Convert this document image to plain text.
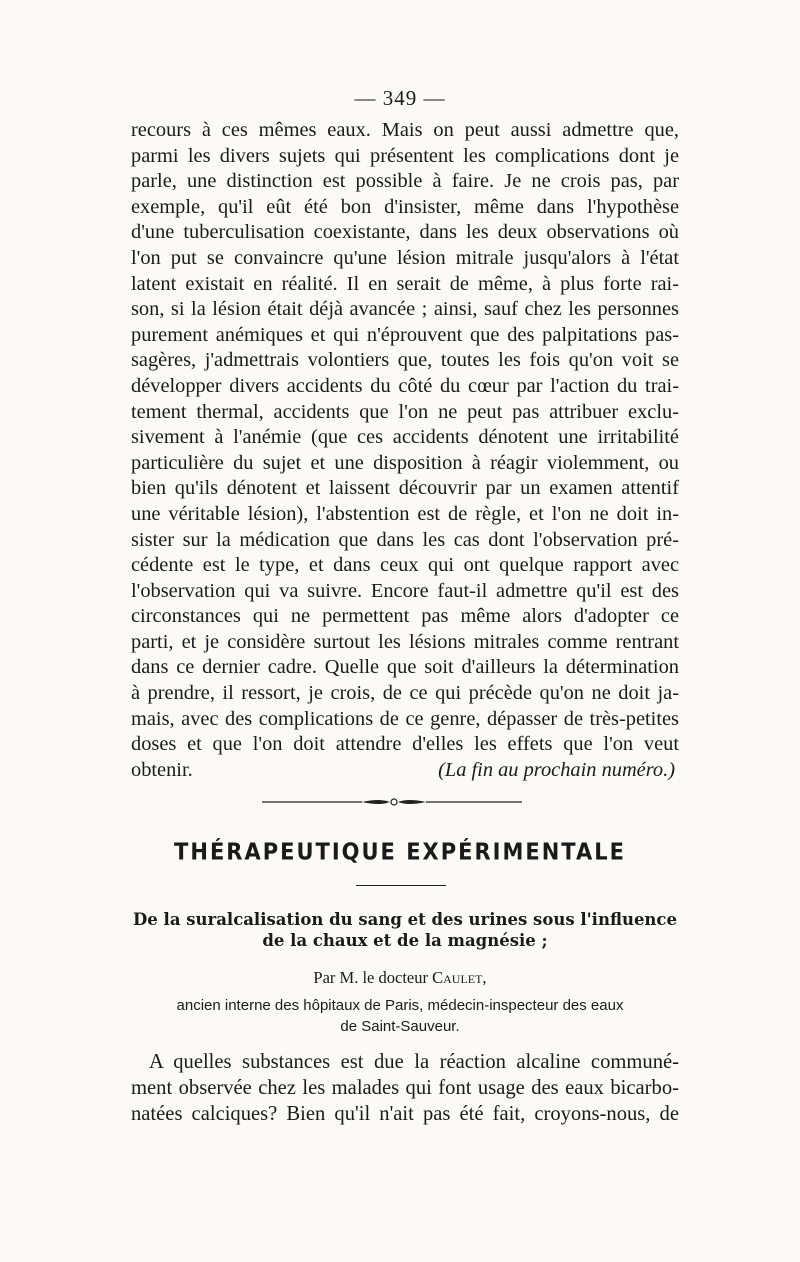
— 349 —
recours à ces mêmes eaux. Mais on peut aussi admettre que,
parmi les divers sujets qui présentent les complications dont je
parle, une distinction est possible à faire. Je ne crois pas, par
exemple, qu'il eût été bon d'insister, même dans l'hypothèse
d'une tuberculisation coexistante, dans les deux observations où
l'on put se convaincre qu'une lésion mitrale jusqu'alors à l'état
latent existait en réalité. Il en serait de même, à plus forte rai-
son, si la lésion était déjà avancée ; ainsi, sauf chez les personnes
purement anémiques et qui n'éprouvent que des palpitations pas-
sagères, j'admettrais volontiers que, toutes les fois qu'on voit se
développer divers accidents du côté du cœur par l'action du trai-
tement thermal, accidents que l'on ne peut pas attribuer exclu-
sivement à l'anémie (que ces accidents dénotent une irritabilité
particulière du sujet et une disposition à réagir violemment, ou
bien qu'ils dénotent et laissent découvrir par un examen attentif
une véritable lésion), l'abstention est de règle, et l'on ne doit in-
sister sur la médication que dans les cas dont l'observation pré-
cédente est le type, et dans ceux qui ont quelque rapport avec
l'observation qui va suivre. Encore faut-il admettre qu'il est des
circonstances qui ne permettent pas même alors d'adopter ce
parti, et je considère surtout les lésions mitrales comme rentrant
dans ce dernier cadre. Quelle que soit d'ailleurs la détermination
à prendre, il ressort, je crois, de ce qui précède qu'on ne doit ja-
mais, avec des complications de ce genre, dépasser de très-petites
doses et que l'on doit attendre d'elles les effets que l'on veut
obtenir.	(La fin au prochain numéro.)
THÉRAPEUTIQUE EXPÉRIMENTALE
De la suralcalisation du sang et des urines sous l'influence
de la chaux et de la magnésie ;
Par M. le docteur Caulet,
ancien interne des hôpitaux de Paris, médecin-inspecteur des eaux
de Saint-Sauveur.
A quelles substances est due la réaction alcaline communé-
ment observée chez les malades qui font usage des eaux bicarbo-
natées calciques? Bien qu'il n'ait pas été fait, croyons-nous, de
